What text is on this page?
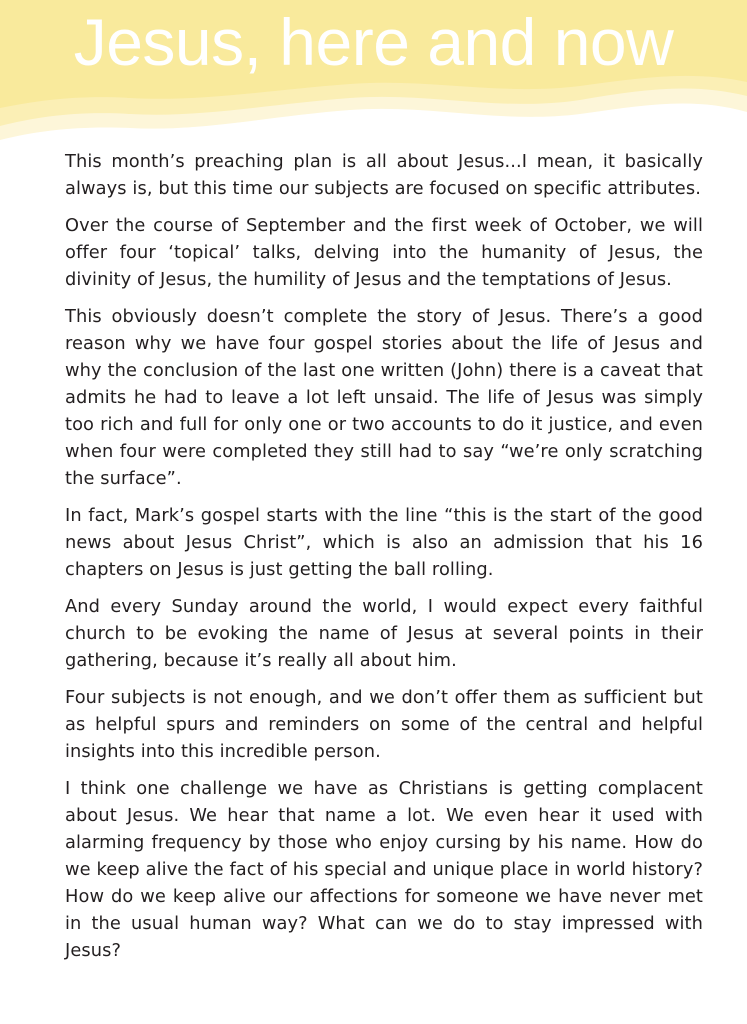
Jesus, here and now

This month’s preaching plan is all about Jesus...I mean, it basically always is, but this time our subjects are focused on specific attributes.

Over the course of September and the first week of October, we will offer four ‘topical’ talks, delving into the humanity of Jesus, the divinity of Jesus, the humility of Jesus and the temptations of Jesus.

This obviously doesn’t complete the story of Jesus. There’s a good reason why we have four gospel stories about the life of Jesus and why the conclusion of the last one written (John) there is a caveat that admits he had to leave a lot left unsaid. The life of Jesus was simply too rich and full for only one or two accounts to do it justice, and even when four were completed they still had to say “we’re only scratching the surface”.

In fact, Mark’s gospel starts with the line “this is the start of the good news about Jesus Christ”, which is also an admission that his 16 chapters on Jesus is just getting the ball rolling.

And every Sunday around the world, I would expect every faithful church to be evoking the name of Jesus at several points in their gathering, because it’s really all about him.

Four subjects is not enough, and we don’t offer them as sufficient but as helpful spurs and reminders on some of the central and helpful insights into this incredible person.

I think one challenge we have as Christians is getting complacent about Jesus. We hear that name a lot. We even hear it used with alarming frequency by those who enjoy cursing by his name. How do we keep alive the fact of his special and unique place in world history? How do we keep alive our affections for someone we have never met in the usual human way? What can we do to stay impressed with Jesus?
